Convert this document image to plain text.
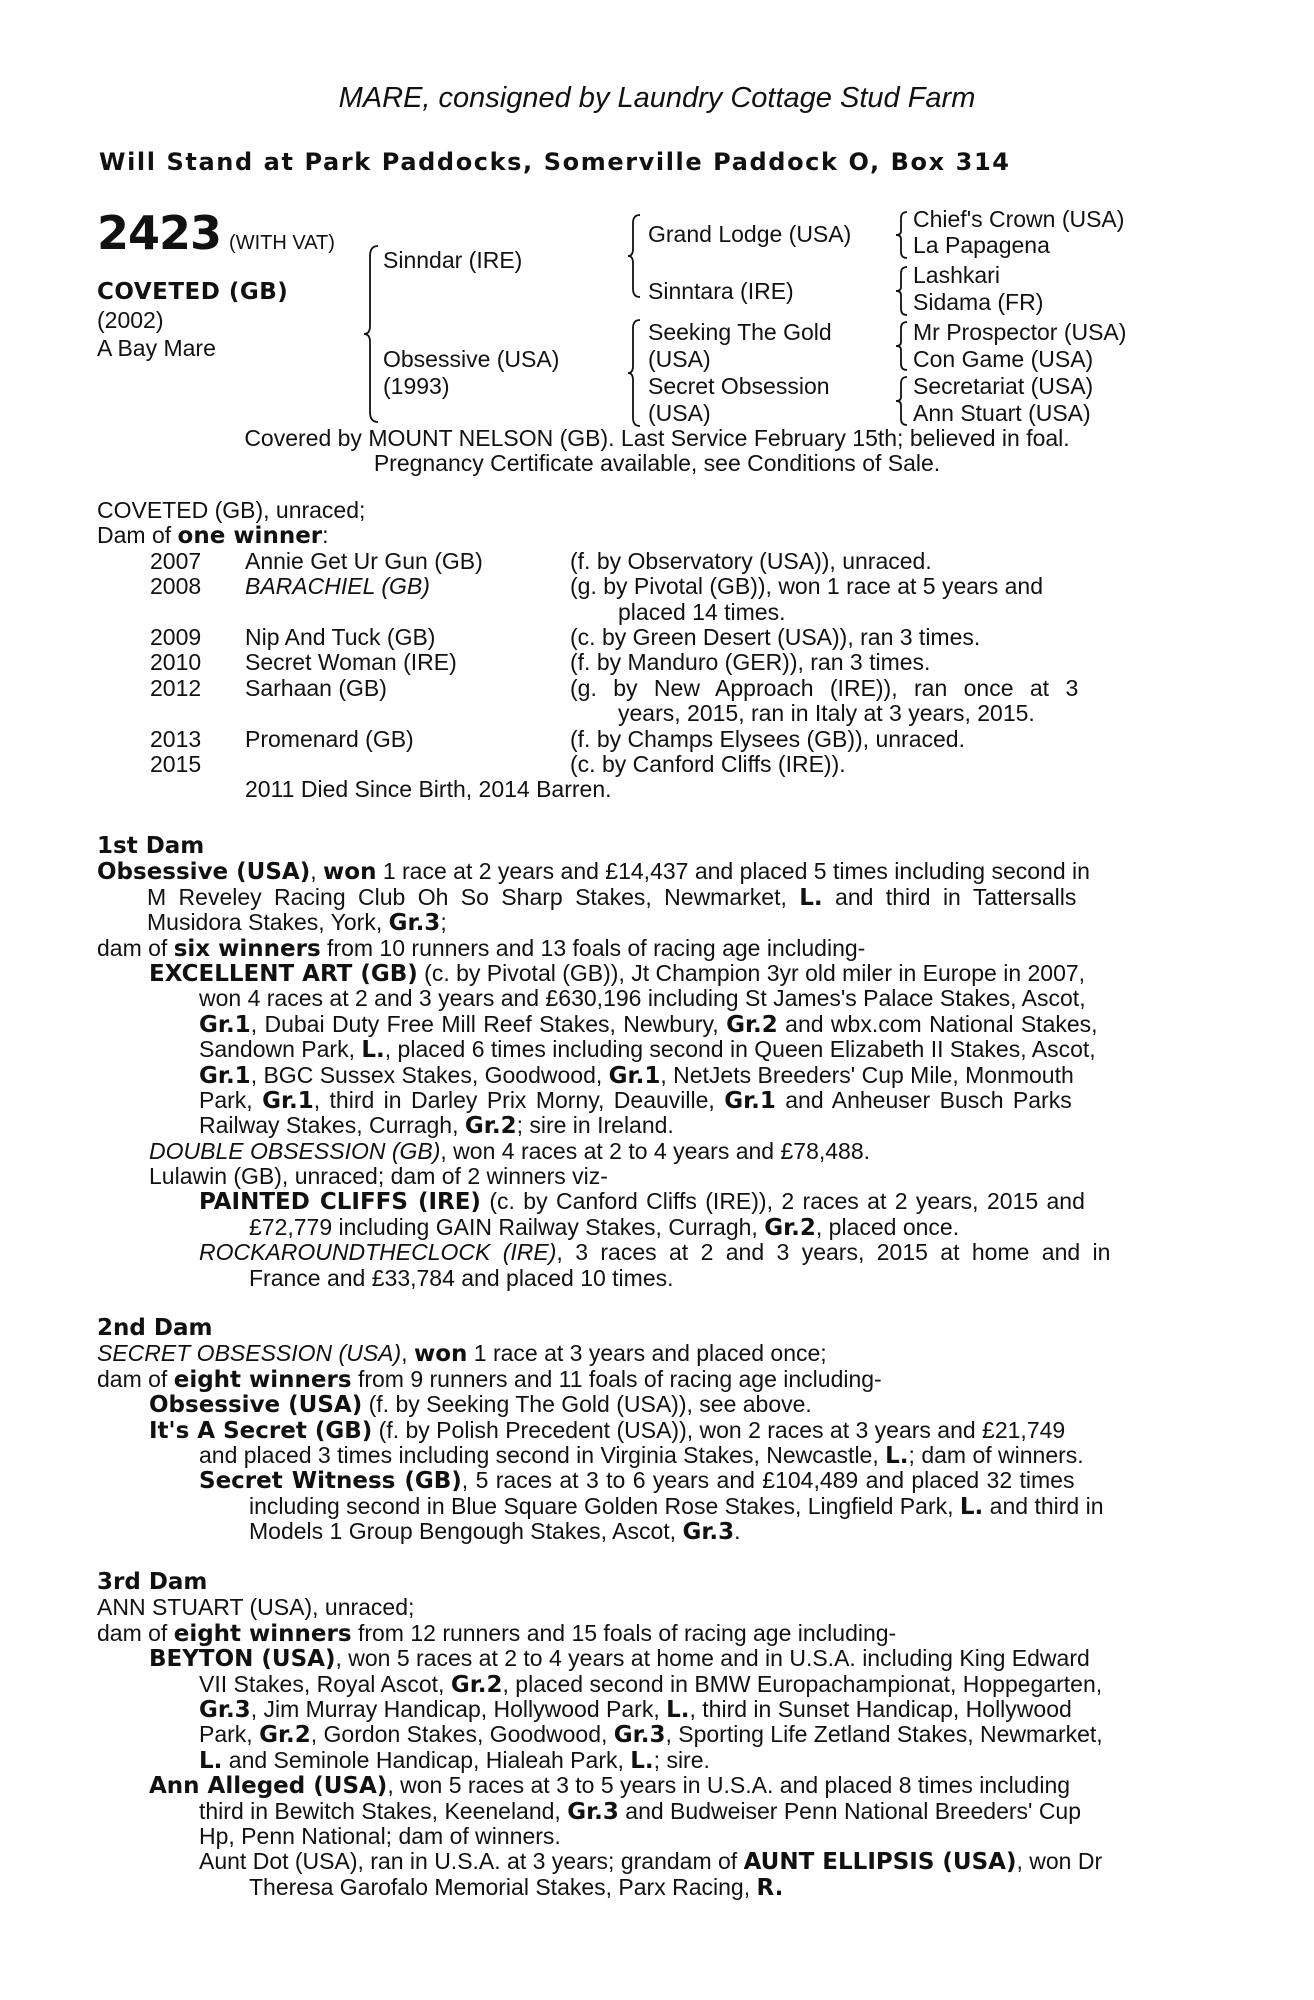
MARE, consigned by Laundry Cottage Stud Farm
Will Stand at Park Paddocks, Somerville Paddock O, Box 314
2423 (WITH VAT)
COVETED (GB)
(2002)
A Bay Mare
Sinndar (IRE)
Obsessive (USA)
(1993)
Grand Lodge (USA)
Sinntara (IRE)
Seeking The Gold
(USA)
Secret Obsession
(USA)
Chief's Crown (USA)
La Papagena
Lashkari
Sidama (FR)
Mr Prospector (USA)
Con Game (USA)
Secretariat (USA)
Ann Stuart (USA)
Covered by MOUNT NELSON (GB). Last Service February 15th; believed in foal.
Pregnancy Certificate available, see Conditions of Sale.
COVETED (GB), unraced;
Dam of one winner:
2007	Annie Get Ur Gun (GB)	(f. by Observatory (USA)), unraced.

2008	BARACHIEL (GB)	(g. by Pivotal (GB)), won 1 race at 5 years and
placed 14 times.

2009	Nip And Tuck (GB)	(c. by Green Desert (USA)), ran 3 times.

2010	Secret Woman (IRE)	(f. by Manduro (GER)), ran 3 times.

2012	Sarhaan (GB)	(g. by New Approach (IRE)), ran once at 3
years, 2015, ran in Italy at 3 years, 2015.

2013	Promenard (GB)	(f. by Champs Elysees (GB)), unraced.

2015		(c. by Canford Cliffs (IRE)).

	2011 Died Since Birth, 2014 Barren.	
1st Dam
Obsessive (USA), won 1 race at 2 years and £14,437 and placed 5 times including second in
M Reveley Racing Club Oh So Sharp Stakes, Newmarket, L. and third in Tattersalls
Musidora Stakes, York, Gr.3;
dam of six winners from 10 runners and 13 foals of racing age including-
EXCELLENT ART (GB) (c. by Pivotal (GB)), Jt Champion 3yr old miler in Europe in 2007,
won 4 races at 2 and 3 years and £630,196 including St James's Palace Stakes, Ascot,
Gr.1, Dubai Duty Free Mill Reef Stakes, Newbury, Gr.2 and wbx.com National Stakes,
Sandown Park, L., placed 6 times including second in Queen Elizabeth II Stakes, Ascot,
Gr.1, BGC Sussex Stakes, Goodwood, Gr.1, NetJets Breeders' Cup Mile, Monmouth
Park, Gr.1, third in Darley Prix Morny, Deauville, Gr.1 and Anheuser Busch Parks
Railway Stakes, Curragh, Gr.2; sire in Ireland.
DOUBLE OBSESSION (GB), won 4 races at 2 to 4 years and £78,488.
Lulawin (GB), unraced; dam of 2 winners viz-
PAINTED CLIFFS (IRE) (c. by Canford Cliffs (IRE)), 2 races at 2 years, 2015 and
£72,779 including GAIN Railway Stakes, Curragh, Gr.2, placed once.
ROCKAROUNDTHECLOCK (IRE), 3 races at 2 and 3 years, 2015 at home and in
France and £33,784 and placed 10 times.
2nd Dam
SECRET OBSESSION (USA), won 1 race at 3 years and placed once;
dam of eight winners from 9 runners and 11 foals of racing age including-
Obsessive (USA) (f. by Seeking The Gold (USA)), see above.
It's A Secret (GB) (f. by Polish Precedent (USA)), won 2 races at 3 years and £21,749
and placed 3 times including second in Virginia Stakes, Newcastle, L.; dam of winners.
Secret Witness (GB), 5 races at 3 to 6 years and £104,489 and placed 32 times
including second in Blue Square Golden Rose Stakes, Lingfield Park, L. and third in
Models 1 Group Bengough Stakes, Ascot, Gr.3.
3rd Dam
ANN STUART (USA), unraced;
dam of eight winners from 12 runners and 15 foals of racing age including-
BEYTON (USA), won 5 races at 2 to 4 years at home and in U.S.A. including King Edward
VII Stakes, Royal Ascot, Gr.2, placed second in BMW Europachampionat, Hoppegarten,
Gr.3, Jim Murray Handicap, Hollywood Park, L., third in Sunset Handicap, Hollywood
Park, Gr.2, Gordon Stakes, Goodwood, Gr.3, Sporting Life Zetland Stakes, Newmarket,
L. and Seminole Handicap, Hialeah Park, L.; sire.
Ann Alleged (USA), won 5 races at 3 to 5 years in U.S.A. and placed 8 times including
third in Bewitch Stakes, Keeneland, Gr.3 and Budweiser Penn National Breeders' Cup
Hp, Penn National; dam of winners.
Aunt Dot (USA), ran in U.S.A. at 3 years; grandam of AUNT ELLIPSIS (USA), won Dr
Theresa Garofalo Memorial Stakes, Parx Racing, R.
